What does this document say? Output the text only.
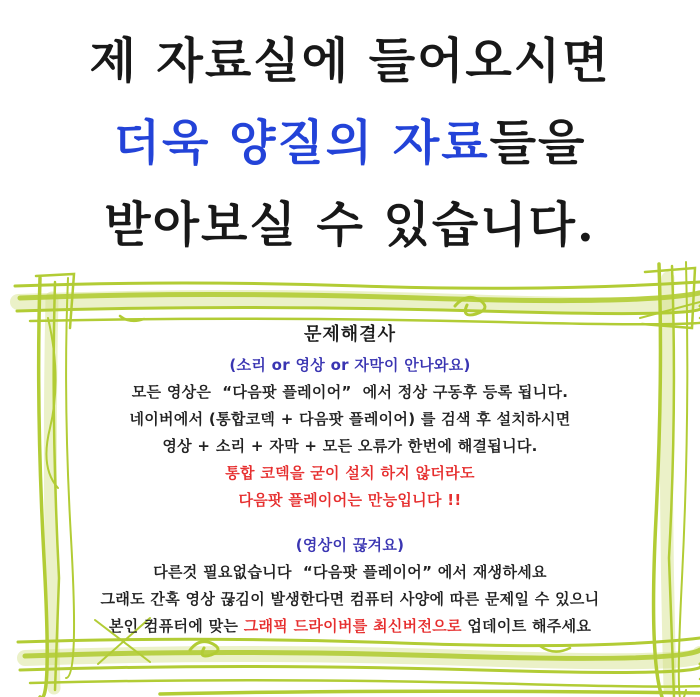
제 자료실에 들어오시면
더욱 양질의 자료들을
받아보실 수 있습니다.
문제해결사
(소리 or 영상 or 자막이 안나와요)
모든 영상은  “다음팟 플레이어”  에서 정상 구동후 등록 됩니다.
네이버에서 (통합코덱 + 다음팟 플레이어) 를 검색 후 설치하시면
영상 + 소리 + 자막 + 모든 오류가 한번에 해결됩니다.
통합 코덱을 굳이 설치 하지 않더라도
다음팟 플레이어는 만능입니다 !!
(영상이 끊겨요)
다른것 필요없습니다  “다음팟 플레이어” 에서 재생하세요
그래도 간혹 영상 끊김이 발생한다면 컴퓨터 사양에 따른 문제일 수 있으니
본인 컴퓨터에 맞는 그래픽 드라이버를 최신버전으로 업데이트 해주세요
